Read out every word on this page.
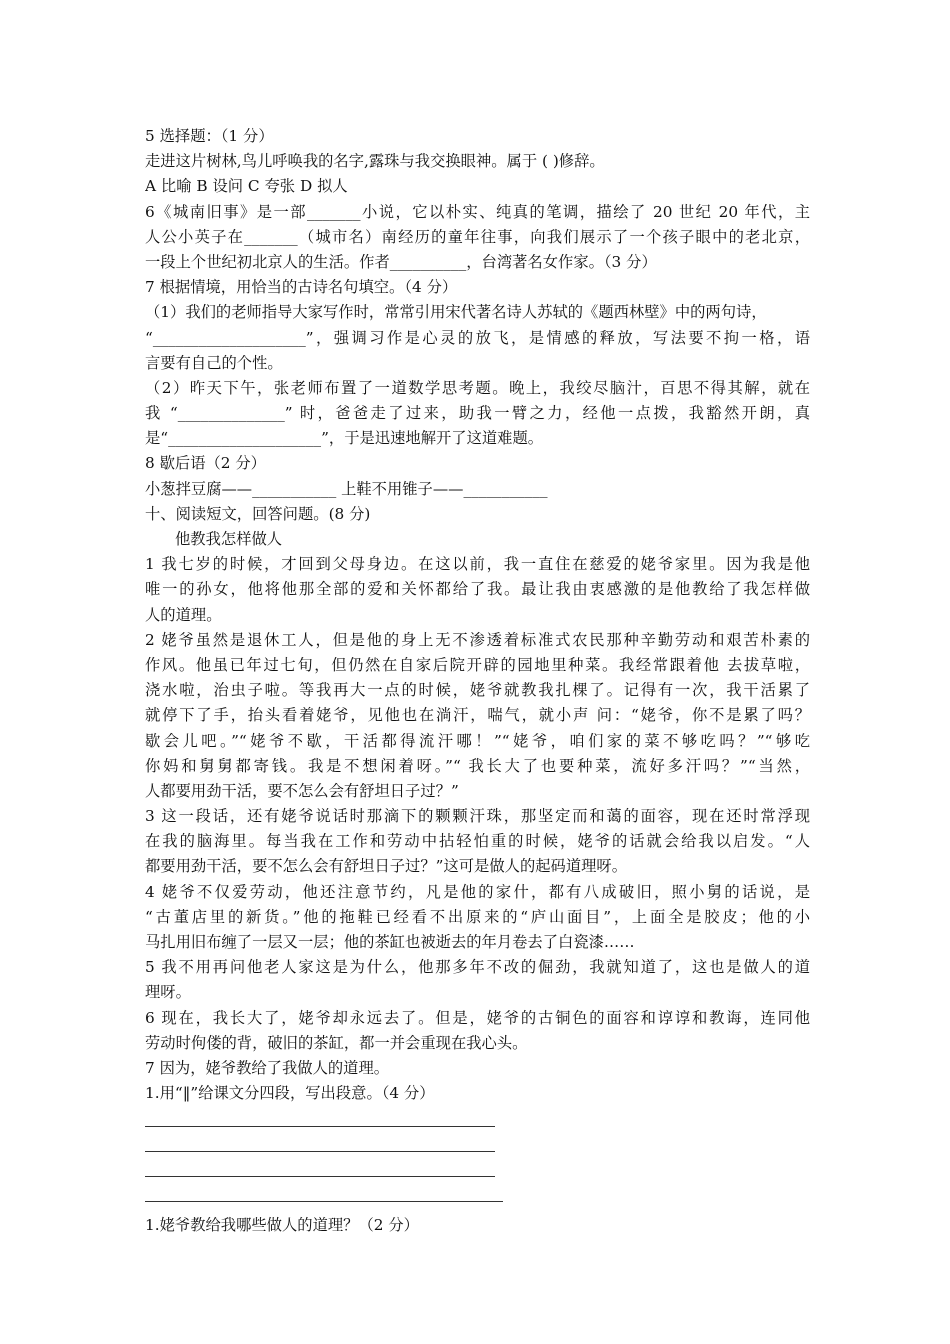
5 选择题：（1 分）
走进这片树林,鸟儿呼唤我的名字,露珠与我交换眼神。属于 ( )修辞。
A 比喻 B 设问 C 夸张 D 拟人
6《城南旧事》是一部_______小说，它以朴实、纯真的笔调，描绘了 20 世纪 20 年代，主
人公小英子在_______（城市名）南经历的童年往事，向我们展示了一个孩子眼中的老北京，
一段上个世纪初北京人的生活。作者__________，台湾著名女作家。（3 分）
7 根据情境，用恰当的古诗名句填空。（4 分）
（1）我们的老师指导大家写作时，常常引用宋代著名诗人苏轼的《题西林壁》中的两句诗，
“____________________”，强调习作是心灵的放飞，是情感的释放，写法要不拘一格，语
言要有自己的个性。
（2）昨天下午，张老师布置了一道数学思考题。晚上，我绞尽脑汁，百思不得其解，就在
我 “______________” 时，爸爸走了过来，助我一臂之力，经他一点拨，我豁然开朗，真
是“____________________”，于是迅速地解开了这道难题。
8 歇后语（2 分）
小葱拌豆腐——___________ 上鞋不用锥子——___________
十、阅读短文，回答问题。(8 分)
他教我怎样做人
1 我七岁的时候，才回到父母身边。在这以前，我一直住在慈爱的姥爷家里。因为我是他
唯一的孙女，他将他那全部的爱和关怀都给了我。最让我由衷感激的是他教给了我怎样做
人的道理。
2 姥爷虽然是退休工人，但是他的身上无不渗透着标准式农民那种辛勤劳动和艰苦朴素的
作风。他虽已年过七旬，但仍然在自家后院开辟的园地里种菜。我经常跟着他 去拔草啦，
浇水啦，治虫子啦。等我再大一点的时候，姥爷就教我扎棵了。记得有一次，我干活累了
就停下了手，抬头看着姥爷，见他也在淌汗，喘气，就小声 问：“姥爷，你不是累了吗？
歇会儿吧。”“姥爷不歇，干活都得流汗哪！”“姥爷，咱们家的菜不够吃吗？”“够吃
你妈和舅舅都寄钱。我是不想闲着呀。”“ 我长大了也要种菜，流好多汗吗？”“当然，
人都要用劲干活，要不怎么会有舒坦日子过？”
3 这一段话，还有姥爷说话时那滴下的颗颗汗珠，那坚定而和蔼的面容，现在还时常浮现
在我的脑海里。每当我在工作和劳动中拈轻怕重的时候，姥爷的话就会给我以启发。“人
都要用劲干活，要不怎么会有舒坦日子过？”这可是做人的起码道理呀。
4 姥爷不仅爱劳动，他还注意节约，凡是他的家什，都有八成破旧，照小舅的话说，是
“古董店里的新货。”他的拖鞋已经看不出原来的“庐山面目”，上面全是胶皮；他的小
马扎用旧布缠了一层又一层；他的茶缸也被逝去的年月卷去了白瓷漆……
5 我不用再问他老人家这是为什么，他那多年不改的倔劲，我就知道了，这也是做人的道
理呀。
6 现在，我长大了，姥爷却永远去了。但是，姥爷的古铜色的面容和谆谆和教诲，连同他
劳动时佝偻的背，破旧的茶缸，都一并会重现在我心头。
7 因为，姥爷教给了我做人的道理。
1.用“‖”给课文分四段，写出段意。（4 分）
1.姥爷教给我哪些做人的道理？（2 分）
